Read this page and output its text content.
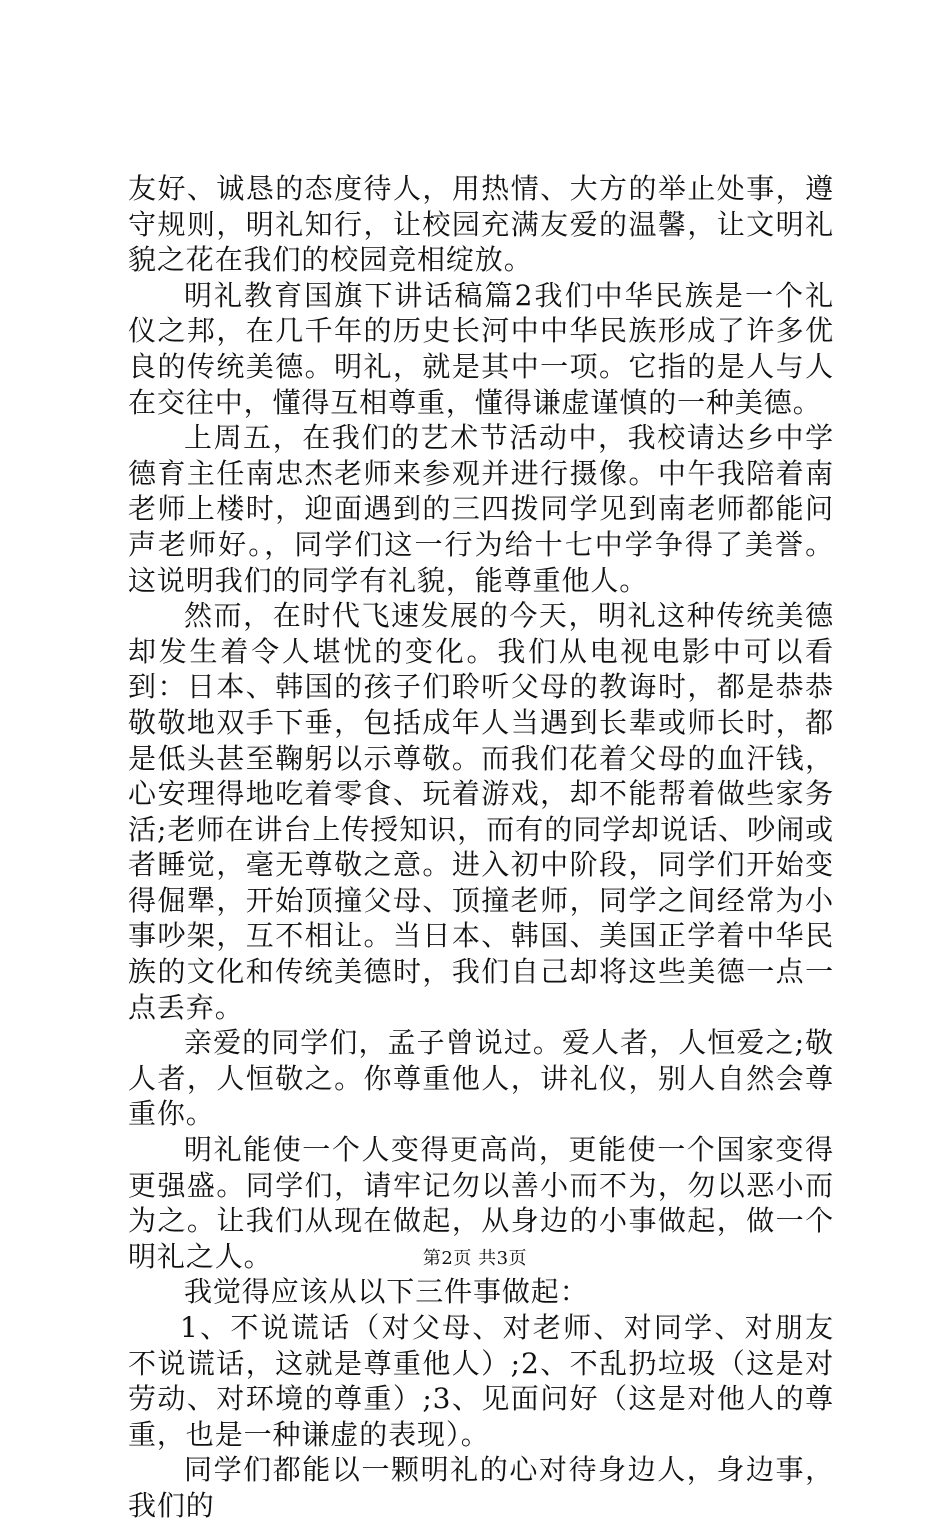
友好、诚恳的态度待人，用热情、大方的举止处事，遵守规则，明礼知行，让校园充满友爱的温馨，让文明礼貌之花在我们的校园竞相绽放。

明礼教育国旗下讲话稿篇2我们中华民族是一个礼仪之邦，在几千年的历史长河中中华民族形成了许多优良的传统美德。明礼，就是其中一项。它指的是人与人在交往中，懂得互相尊重，懂得谦虚谨慎的一种美德。

上周五，在我们的艺术节活动中，我校请达乡中学德育主任南忠杰老师来参观并进行摄像。中午我陪着南老师上楼时，迎面遇到的三四拨同学见到南老师都能问声老师好。，同学们这一行为给十七中学争得了美誉。这说明我们的同学有礼貌，能尊重他人。

然而，在时代飞速发展的今天，明礼这种传统美德却发生着令人堪忧的变化。我们从电视电影中可以看到：日本、韩国的孩子们聆听父母的教诲时，都是恭恭敬敬地双手下垂，包括成年人当遇到长辈或师长时，都是低头甚至鞠躬以示尊敬。而我们花着父母的血汗钱，心安理得地吃着零食、玩着游戏，却不能帮着做些家务活;老师在讲台上传授知识，而有的同学却说话、吵闹或者睡觉，毫无尊敬之意。进入初中阶段，同学们开始变得倔犟，开始顶撞父母、顶撞老师，同学之间经常为小事吵架，互不相让。当日本、韩国、美国正学着中华民族的文化和传统美德时，我们自己却将这些美德一点一点丢弃。

亲爱的同学们，孟子曾说过。爱人者，人恒爱之;敬人者，人恒敬之。你尊重他人，讲礼仪，别人自然会尊重你。

明礼能使一个人变得更高尚，更能使一个国家变得更强盛。同学们，请牢记勿以善小而不为，勿以恶小而为之。让我们从现在做起，从身边的小事做起，做一个明礼之人。

我觉得应该从以下三件事做起：

1、不说谎话（对父母、对老师、对同学、对朋友不说谎话，这就是尊重他人）;2、不乱扔垃圾（这是对劳动、对环境的尊重）;3、见面问好（这是对他人的尊重，也是一种谦虚的表现）。

同学们都能以一颗明礼的心对待身边人，身边事，我们的

第2页 共3页
